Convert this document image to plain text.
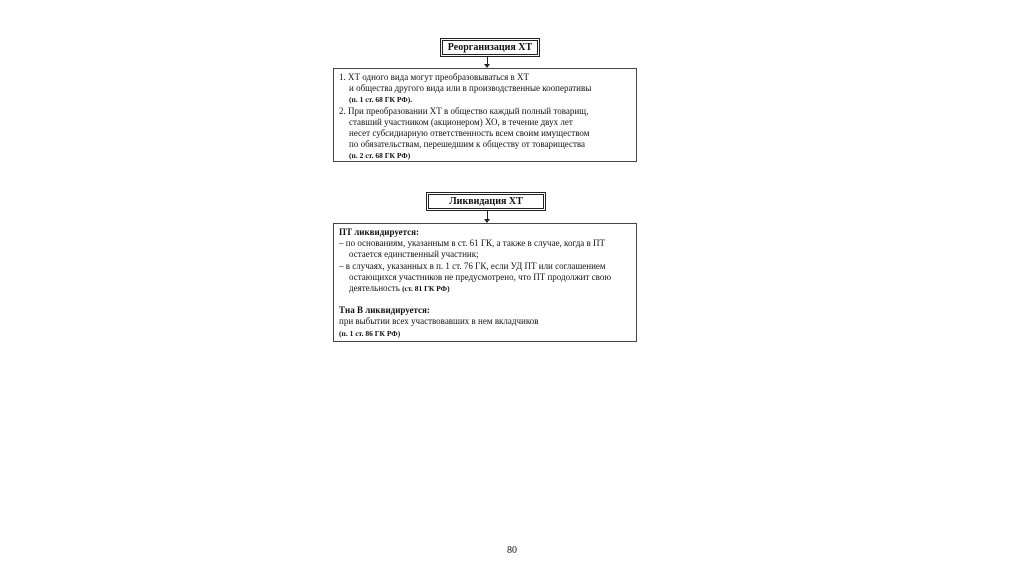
Реорганизация ХТ
1. ХТ одного вида могут преобразовываться в ХТ
и общества другого вида или в производственные кооперативы
(п. 1 ст. 68 ГК РФ).
2. При преобразовании ХТ в общество каждый полный товарищ,
ставший участником (акционером) ХО, в течение двух лет
несет субсидиарную ответственность всем своим имуществом
по обязательствам, перешедшим к обществу от товарищества
(п. 2 ст. 68 ГК РФ)
Ликвидация ХТ
ПТ ликвидируется:
– по основаниям, указанным в ст. 61 ГК, а также в случае, когда в ПТ
остается единственный участник;
– в случаях, указанных в п. 1 ст. 76 ГК, если УД ПТ или соглашением
остающихся участников не предусмотрено, что ПТ продолжит свою
деятельность (ст. 81 ГК РФ)
Тна В ликвидируется:
при выбытии всех участвовавших в нем вкладчиков
(п. 1 ст. 86 ГК РФ)
80
